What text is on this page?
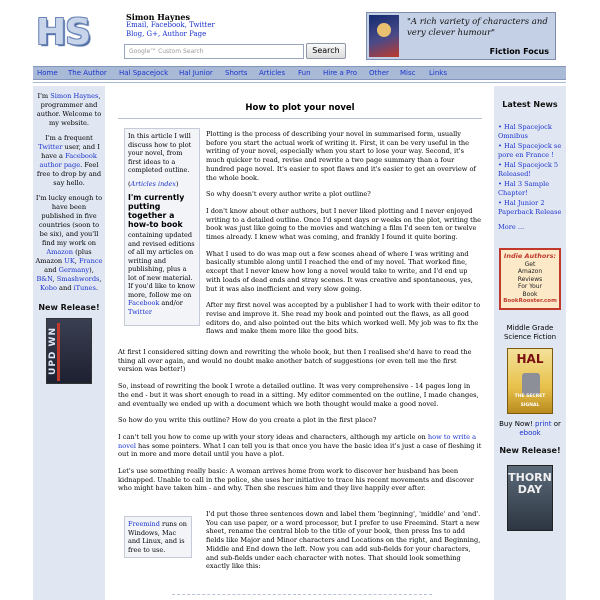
HS	Simon Haynes
Email, Facebook, Twitter Blog, G+, Author Page
Google™ Custom Search	Search
"A rich variety of characters and very clever humour"
Fiction Focus
Home The Author Hal Spacejock Hal Junior Shorts Articles Fun Hire a Pro Other Misc Links

I'm Simon Haynes, programmer and author. Welcome to my website.

I'm a frequent Twitter user, and I have a Facebook author page. Feel free to drop by and say hello.

I'm lucky enough to have been published in five countries (soon to be six), and you'll find my work on Amazon (plus Amazon UK, France and Germany), B&N, Smashwords, Kobo and iTunes.

New Release!
UPD WN
How to plot your novel

In this article I will discuss how to plot your novel, from first ideas to a completed outline.

(Articles index)

I'm currently putting together a how-to book

containing updated and revised editions of all my articles on writing and publishing, plus a lot of new material. If you'd like to know more, follow me on Facebook and/or Twitter

Plotting is the process of describing your novel in summarised form, usually before you start the actual work of writing it. First, it can be very useful in the writing of your novel, especially when you start to lose your way. Second, it's much quicker to read, revise and rewrite a two page summary than a four hundred page novel. It's easier to spot flaws and it's easier to get an overview of the whole book.

So why doesn't every author write a plot outline?

I don't know about other authors, but I never liked plotting and I never enjoyed writing to a detailed outline. Once I'd spent days or weeks on the plot, writing the book was just like going to the movies and watching a film I'd seen ten or twelve times already. I knew what was coming, and frankly I found it quite boring.

What I used to do was map out a few scenes ahead of where I was writing and basically stumble along until I reached the end of my novel. That worked fine, except that I never knew how long a novel would take to write, and I'd end up with loads of dead ends and stray scenes. It was creative and spontaneous, yes, but it was also inefficient and very slow going.

After my first novel was accepted by a publisher I had to work with their editor to revise and improve it. She read my book and pointed out the flaws, as all good editors do, and also pointed out the bits which worked well. My job was to fix the flaws and make them more like the good bits.

At first I considered sitting down and rewriting the whole book, but then I realised she'd have to read the thing all over again, and would no doubt make another batch of suggestions (or even tell me the first version was better!)

So, instead of rewriting the book I wrote a detailed outline. It was very comprehensive - 14 pages long in the end - but it was short enough to read in a sitting. My editor commented on the outline, I made changes, and eventually we ended up with a document which we both thought would make a good novel.

So how do you write this outline? How do you create a plot in the first place?

I can't tell you how to come up with your story ideas and characters, although my article on how to write a novel has some pointers. What I can tell you is that once you have the basic idea it's just a case of fleshing it out in more and more detail until you have a plot.

Let's use something really basic: A woman arrives home from work to discover her husband has been kidnapped. Unable to call in the police, she uses her initiative to trace his recent movements and discover who might have taken him - and why. Then she rescues him and they live happily ever after.

Freemind runs on Windows, Mac and Linux, and is free to use.
I'd put those three sentences down and label them 'beginning', 'middle' and 'end'. You can use paper, or a word processor, but I prefer to use Freemind. Start a new sheet, rename the central blob to the title of your book, then press Ins to add fields like Major and Minor characters and Locations on the right, and Beginning, Middle and End down the left. Now you can add sub-fields for your characters, and sub-fields under each character with notes. That should look something exactly like this:
Latest News
• Hal Spacejock Omnibus
• Hal Spacejock se pore en France !
• Hal Spacejock 5 Released!
• Hal 3 Sample Chapter!
• Hal Junior 2 Paperback Release
More ...
Indie Authors:
Get
Amazon
Reviews
For Your
Book
BookRooster.com
Middle Grade Science Fiction
HAL
THE SECRET SIGNAL
Buy Now! print or ebook
New Release!
THORN DAY
